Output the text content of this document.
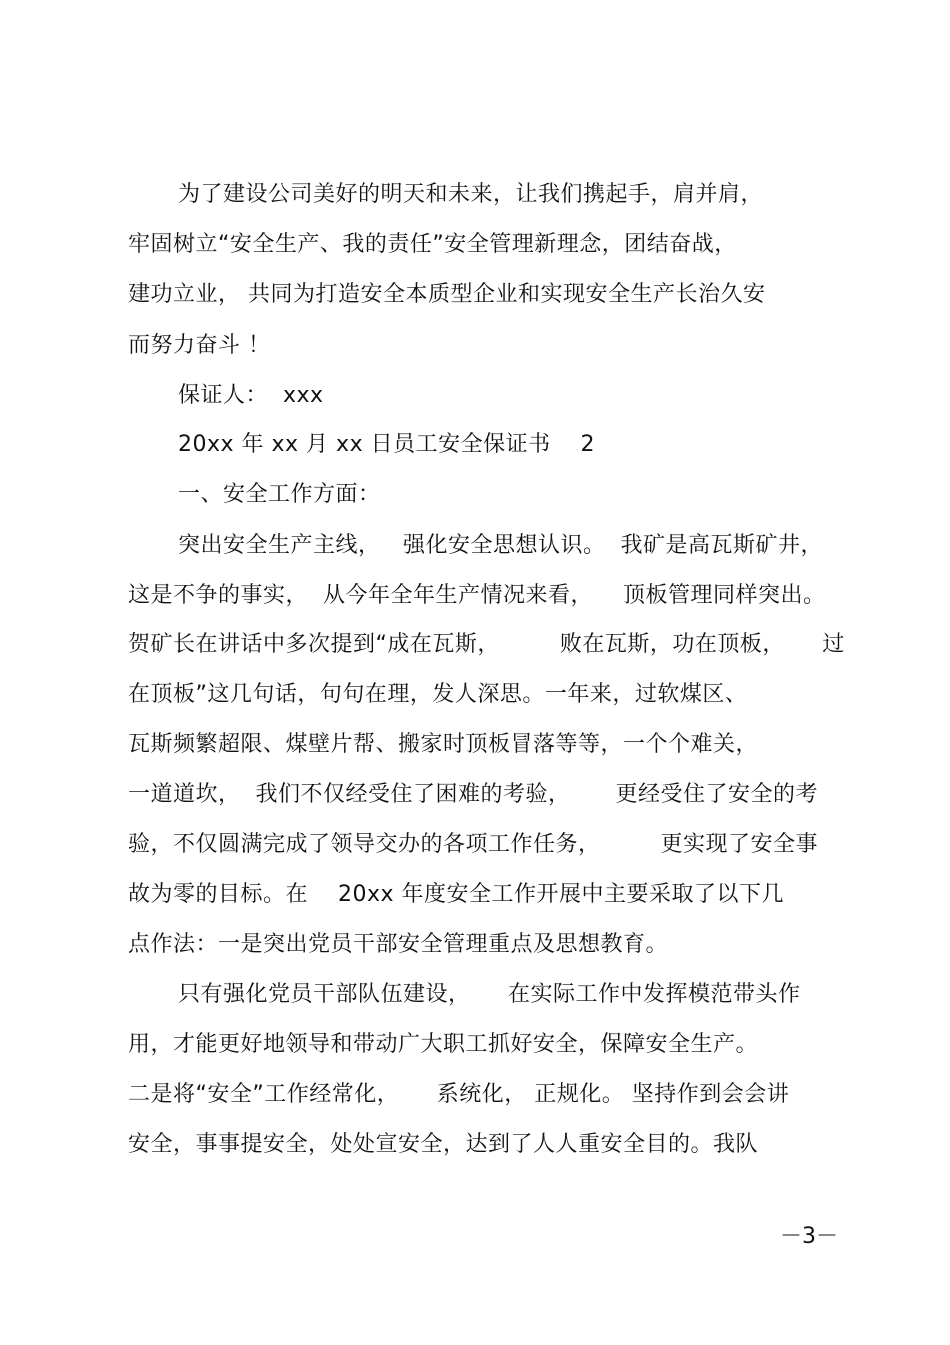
为了建设公司美好的明天和未来，让我们携起手，肩并肩，
牢固树立“安全生产、我的责任”安全管理新理念，团结奋战，
建功立业， 共同为打造安全本质型企业和实现安全生产长治久安
而努力奋斗 ！
保证人：  xxx
20xx 年 xx 月 xx 日员工安全保证书    2
一、安全工作方面：
突出安全生产主线，   强化安全思想认识。  我矿是高瓦斯矿井，
这是不争的事实，  从今年全年生产情况来看，    顶板管理同样突出。
贺矿长在讲话中多次提到“成在瓦斯，        败在瓦斯，功在顶板，     过
在顶板”这几句话，句句在理，发人深思。一年来，过软煤区、
瓦斯频繁超限、煤壁片帮、搬家时顶板冒落等等，一个个难关，
一道道坎，  我们不仅经受住了困难的考验，      更经受住了安全的考
验，不仅圆满完成了领导交办的各项工作任务，        更实现了安全事
故为零的目标。在    20xx 年度安全工作开展中主要采取了以下几
点作法：一是突出党员干部安全管理重点及思想教育。
只有强化党员干部队伍建设，     在实际工作中发挥模范带头作
用，才能更好地领导和带动广大职工抓好安全，保障安全生产。
二是将“安全”工作经常化，     系统化， 正规化。 坚持作到会会讲
安全，事事提安全，处处宣安全，达到了人人重安全目的。我队
－3－
